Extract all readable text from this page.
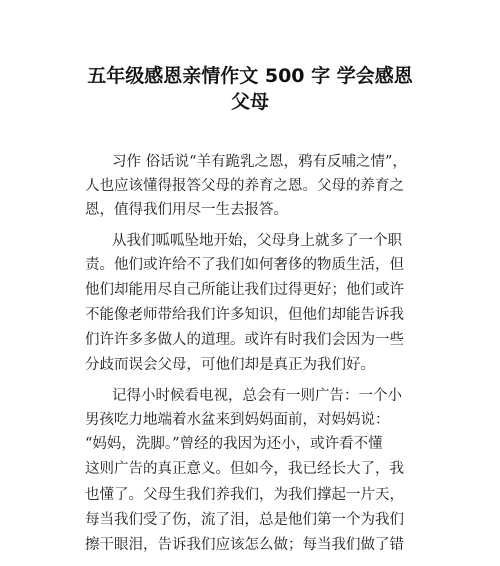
五年级感恩亲情作文 500 字 学会感恩
父母
习作 俗话说“羊有跪乳之恩，鸦有反哺之情”，
人也应该懂得报答父母的养育之恩。父母的养育之
恩，值得我们用尽一生去报答。
从我们呱呱坠地开始，父母身上就多了一个职
责。他们或许给不了我们如何奢侈的物质生活，但
他们却能用尽自己所能让我们过得更好；他们或许
不能像老师带给我们许多知识，但他们却能告诉我
们许许多多做人的道理。或许有时我们会因为一些
分歧而误会父母，可他们却是真正为我们好。
记得小时候看电视，总会有一则广告：一个小
男孩吃力地端着水盆来到妈妈面前，对妈妈说：
“妈妈，洗脚。”曾经的我因为还小，或许看不懂
这则广告的真正意义。但如今，我已经长大了，我
也懂了。父母生我们养我们，为我们撑起一片天，
每当我们受了伤，流了泪，总是他们第一个为我们
擦干眼泪，告诉我们应该怎么做；每当我们做了错
